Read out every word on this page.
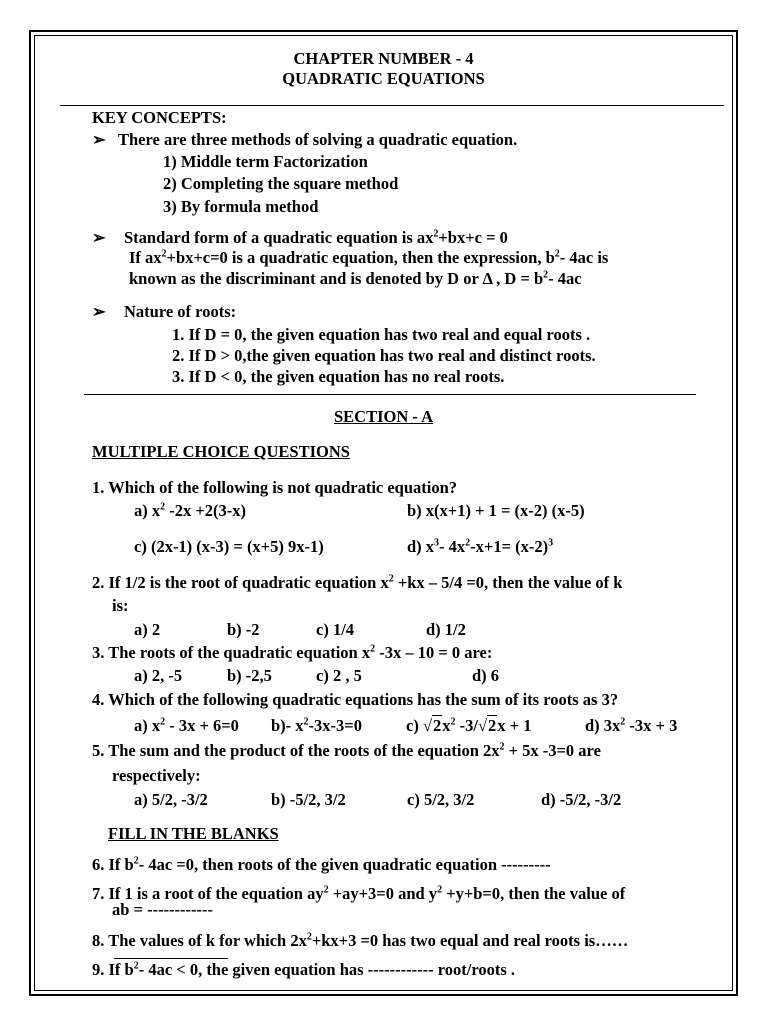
CHAPTER NUMBER - 4
QUADRATIC EQUATIONS
KEY CONCEPTS:
➢ There are three methods of solving a quadratic equation.
1) Middle term Factorization
2) Completing the square method
3) By formula method
➢ Standard form of a quadratic equation is $ax^2+bx+c = 0$
If $ax^2+bx+c=0$ is a quadratic equation, then the expression, $b^2-$ 4ac is
known as the discriminant and is denoted by D or Δ , $D = b^2-$ 4ac
➢ Nature of roots:
1. If D = 0, the given equation has two real and equal roots .
2. If D > 0,the given equation has two real and distinct roots.
3. If D < 0, the given equation has no real roots.
SECTION - A
MULTIPLE CHOICE QUESTIONS
1. Which of the following is not quadratic equation?
a) $x^2$ -2x +2(3-x)	b) x(x+1) + 1 = (x-2) (x-5)
c) (2x-1) (x-3) = (x+5) 9x-1)	d) $x^3-$ $4x^2-x+1= (x-2)^3$
2. If 1/2 is the root of quadratic equation $x^2 +kx - 5/4 =0$, then the value of k
is:
a) 2	b) -2	c) 1/4	d) 1/2
3. The roots of the quadratic equation $x^2$ -3x – 10 = 0 are:
a) 2, -5	b) -2,5	c) 2 , 5	d) 6
4. Which of the following quadratic equations has the sum of its roots as 3?
a) $x^2 - 3x + 6=0$ b)- $x^2-3x-3=0$	c) $√2x^2$ -3/√2x + 1	d) $3x^2$ -3x + 3
5. The sum and the product of the roots of the equation $2x^2 + 5x$ -3=0 are
respectively:
a) 5/2, -3/2	b) -5/2, 3/2	c) 5/2, 3/2	d) -5/2, -3/2
FILL IN THE BLANKS
6. If $b^2-$ 4ac =0, then roots of the given quadratic equation ---------
7. If 1 is a root of the equation $ay^2 +ay+3=0$ and $y^2 +y+b=0$, then the value of
ab = ------------
8. The values of k for which $2x^2+kx+3 =0$ has two equal and real roots is……
9. If $b^2-$ 4ac < 0, the given equation has ------------ root/roots .
